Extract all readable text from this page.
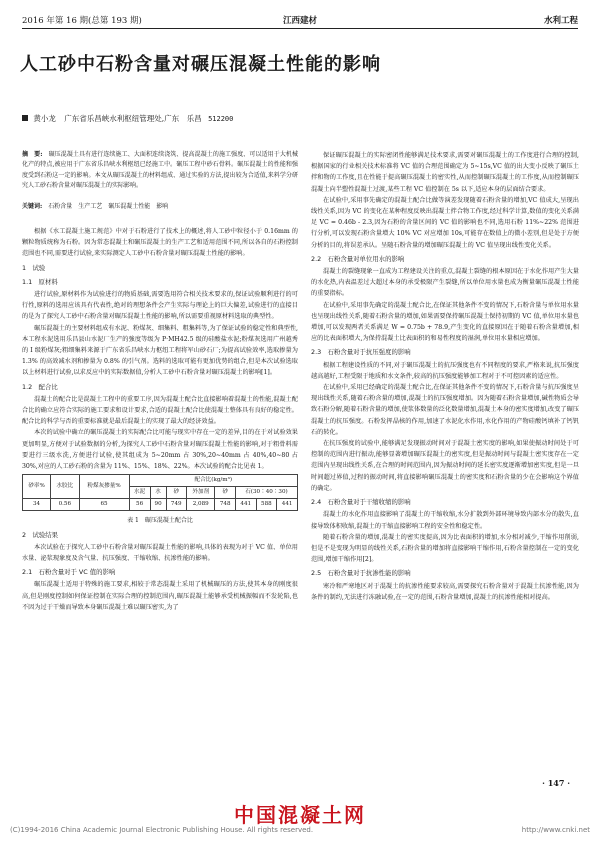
2016 年第 16 期(总第 193 期)	江西建材	水利工程
人工砂中石粉含量对碾压混凝土性能的影响
黄小龙 广东省乐昌峡水利枢纽管理处,广东　乐昌 512200
摘　要: 碾压混凝土具有进行连续施工、大面积连续浇筑、提高混凝土的施工强度、可以适用于大机械化产的特点,被应用于广东省乐昌峡水利枢纽已经施工中。碾压工程中砂石骨料。碾压混凝土的性能和强度受到石粉这一定的影响。本文从碾压混凝土的材料组成、通过实验的方法,提出较为合适值,来料学分研究人工砂石粉含量对碾压混凝土的实际影响。
关键词: 石粉含量　生产工艺　碾压混凝土性能　影响

根据《水工混凝土施工规范》中对于石粉进行了技术上的概述,将人工砂中粒径小于 0.16mm 的颗粒物质统称为石粉。因为常态混凝土和碾压混凝土的生产工艺和适用范围不同,所以各自的石粉控制范围也不同,需要进行试验,来实际测定人工砂中石粉含量对碾压混凝土性能的影响。

1　试验
1.1　原材料

进行试验,原材料作为试验进行的物质基础,需要选用符合相关技术要求的,保证试验顺利进行的可行性,原料的选用应该具有代表性,绝对的理想条件会产生实际与理论上的巨大偏差,试验进行的直接目的是为了探究人工砂中石粉含量对碾压混凝土性能的影响,所以需要重视原材料选取的典型性。

碾压混凝土的主要材料组成有水泥、粉煤灰、细集料、粗集料等,为了保证试验的稳定性和典型性,本工程水泥选用乐昌县山水泥厂生产的強度等级为 P·MH42.5 级的硅酸盐水泥;粉煤灰选用广州越秀的 I 级粉煤灰;粗细集料来源于广东省乐昌峡水力枢纽工程将军山砂石厂;为提高试验效率,选取掺量为 1.3% 的高效减水剂和掺量为 0.8% 的引气剂。选料的选取可能有更加优势的组合,但是本次试验选取以上材料进行试验,以求反应中的实际数据值,分析人工砂中石粉含量对碾压混凝土的影响[1]。

1.2　配合比

混凝土的配合比是混凝土工程中的重要工序,因为混凝土配合比直接影响着混凝土的性能,混凝土配合比的确立应符合实际的施工要求和设计要求,合适的混凝土配合比使混凝土整体具有良好的稳定性。配合比的科学与否的重要标准就是最后混凝土的实现了最大的经济效益。

本次的试验中确立的碾压混凝土的实际配合比可能与现实中存在一定的差异,目的在于对试验效果更加明显,方便对于试验数据的分析,为探究人工砂中石粉含量对碾压混凝土性能的影响,对于粗骨料需要进行三级水洗,方便进行试验,使其组成为 5~20mm 占 30%,20~40mm 占 40%,40~80 占 30%,对应的人工砂石粉的含量为 11%、15%、18%、22%。本次试验的配合比见表 1。

砂率%	水胶比	粉煤灰掺量%	配合比(kg/m³)							
			水泥	水	砂	外加剂	砂	石(30∶40∶30)		
34	0.56	65	56	90	749	2,089	748	441	588	441

表 1　碾压混凝土配合比

2　试验结果

本次试验在于探究人工砂中石粉含量对碾压混凝土性能的影响,具体的表现为对于 VC 值、单位用水量、泌浆现象度及含气量、抗压强度、干缩收缩、抗渗性能的影响。

2.1　石粉含量对于 VC 值的影响

碾压混凝土适用于特殊的施工要求,相较于常态混凝土采用了机械碾压的方法,使其本身的刚度很高,但是刚度控制如何保证控制在实际合理的控制范围内,碾压混凝土能够承受机械振幅而不发轮陷,也不因为过于干燥而导致本身碾压混凝土难以碾压密实,为了

保证碾压混凝土的实际密闭性能够满足技术要求,需要对碾压混凝土的工作度进行合理的控制,根据国家的行业相关技术标准将 VC 值的合理范围确定为 5~15s,VC 值的出大变小反映了碾压土拌和物的工作度,且在性能于提高碾压混凝土的密实性,从而控制碾压混凝土的工作度,从而控制碾压混凝土向半塑性混凝土过渡,某些工程 VC 值控制在 5s 以下,适应本身的层面结合要求。

在试验中,采用事先确定的混凝土配合比做等演差发现随着石粉含量的增加,VC 值成大,呈现出线性关系,因为 VC 的变化在某种程度反映出混凝土拌合物工作度,经过科学计算,数值的变化关系满足 VC = 0.46b - 2.3,因为石粉的含量区间的 VC 值的影响也不同,选用石粉 11%~22% 范围进行分析,可以发现石粉含量增大 10% VC 对应增加 10s,可能存在数值上的微小差别,但是处于方便分析的目的,将误差承认。呈随石粉含量的增加碾压混凝土的 VC 值呈现出线性变化关系。

2.2　石粉含量对单位用水的影响

混凝土的裂缝现象一直成为工程建设关注的重点,混凝土裂缝的根本原因在于水化作用产生大量的水化热,内表温差过大超过本身的承受极限产生裂缝,所以单位用水量也成为衡量碾压混凝土性能的重要指标。

在试验中,采用事先确定的混凝土配合比,在保证其他条件不变的情况下,石粉含量与单位用水量也呈现出线性关系,随着石粉含量的增加,如果需要保持碾压混凝土保持初期的 VC 值,单位用水量也增加,可以发现两者关系满足 W = 0.75b + 78.9,产生变化的直接原因在于随着石粉含量增加,相应的比表面积增大,为保持混凝土比表面积的和易性程度的湿润,单位用水量相应增加。

2.3　石粉含量对于抗压强度的影响

根据工程建设性质的不同,对于碾压混凝土的抗压强度也有不同程度的要求,严格来说,抗压强度越高越好,工程受限于地质和水文条件,较高的抗压强度能够加工程对于不可控因素的适应性。

在试验中,采用已经确定的混凝土配合比,在保证其他条件不变的情况下,石粉含量与抗压强度呈现出线性关系,随着石粉含量的增加,混凝土的抗压强度增加。因为随着石粉含量增加,碱性物质会导致石粉分解,随着石粉含量的增加,使浆体数量的泛化数量增加,混凝土本身的密实度增加,改变了碾压混凝土的抗压强度。石粉发挥晶核的作用,加速了水泥化水作用,水化作用的产物硅酸钙填补了钙钒石的转化。

在抗压强度的试验中,能够满足发现振动时间对于混凝土密实度的影响,如果使振动时间处于可控制的范围内进行振动,能够显著增加碾压混凝土的密实度,但是振动时间与混凝土密实度存在一定范围内呈现出线性关系,在合理的时间范围内,因为振动时间的延长密实度逐渐增加密实度,但是一旦时间超过界值,过程的振动时间,将直接影响碾压混凝土的密实度和石粉含量的少在会影响这个界值的确定。

2.4　石粉含量对于干缩收缩的影响

混凝土的水化作用直接影响了混凝土的干缩收缩,水分扩散到外部环境导致内部水分的散失,直接导致体积收缩,混凝土的干缩直接影响工程的安全性和稳定性。

随着石粉含量的增加,混凝土的密实度提高,因为比表面积的增加,水分相对减少,干缩作用削弱,但是不是变现为明显的线性关系,石粉含量的增加将直接影响干缩作用,石粉含量控制在一定的变化范围,增加干缩作用[2]。

2.5　石粉含量对于抗渗性能的影响

寒冷和严寒地区对于混凝土的抗渗性能要求较高,需要探究石粉含量对于混凝土抗渗性能,因为条件的制约,无法进行冻融试验,在一定的范围,石粉含量增加,混凝土的抗渗性能相对提高。

· 147 ·
中国混凝土网
(C)1994-2016 China Academic Journal Electronic Publishing House. All rights reserved.	http://www.cnki.net
